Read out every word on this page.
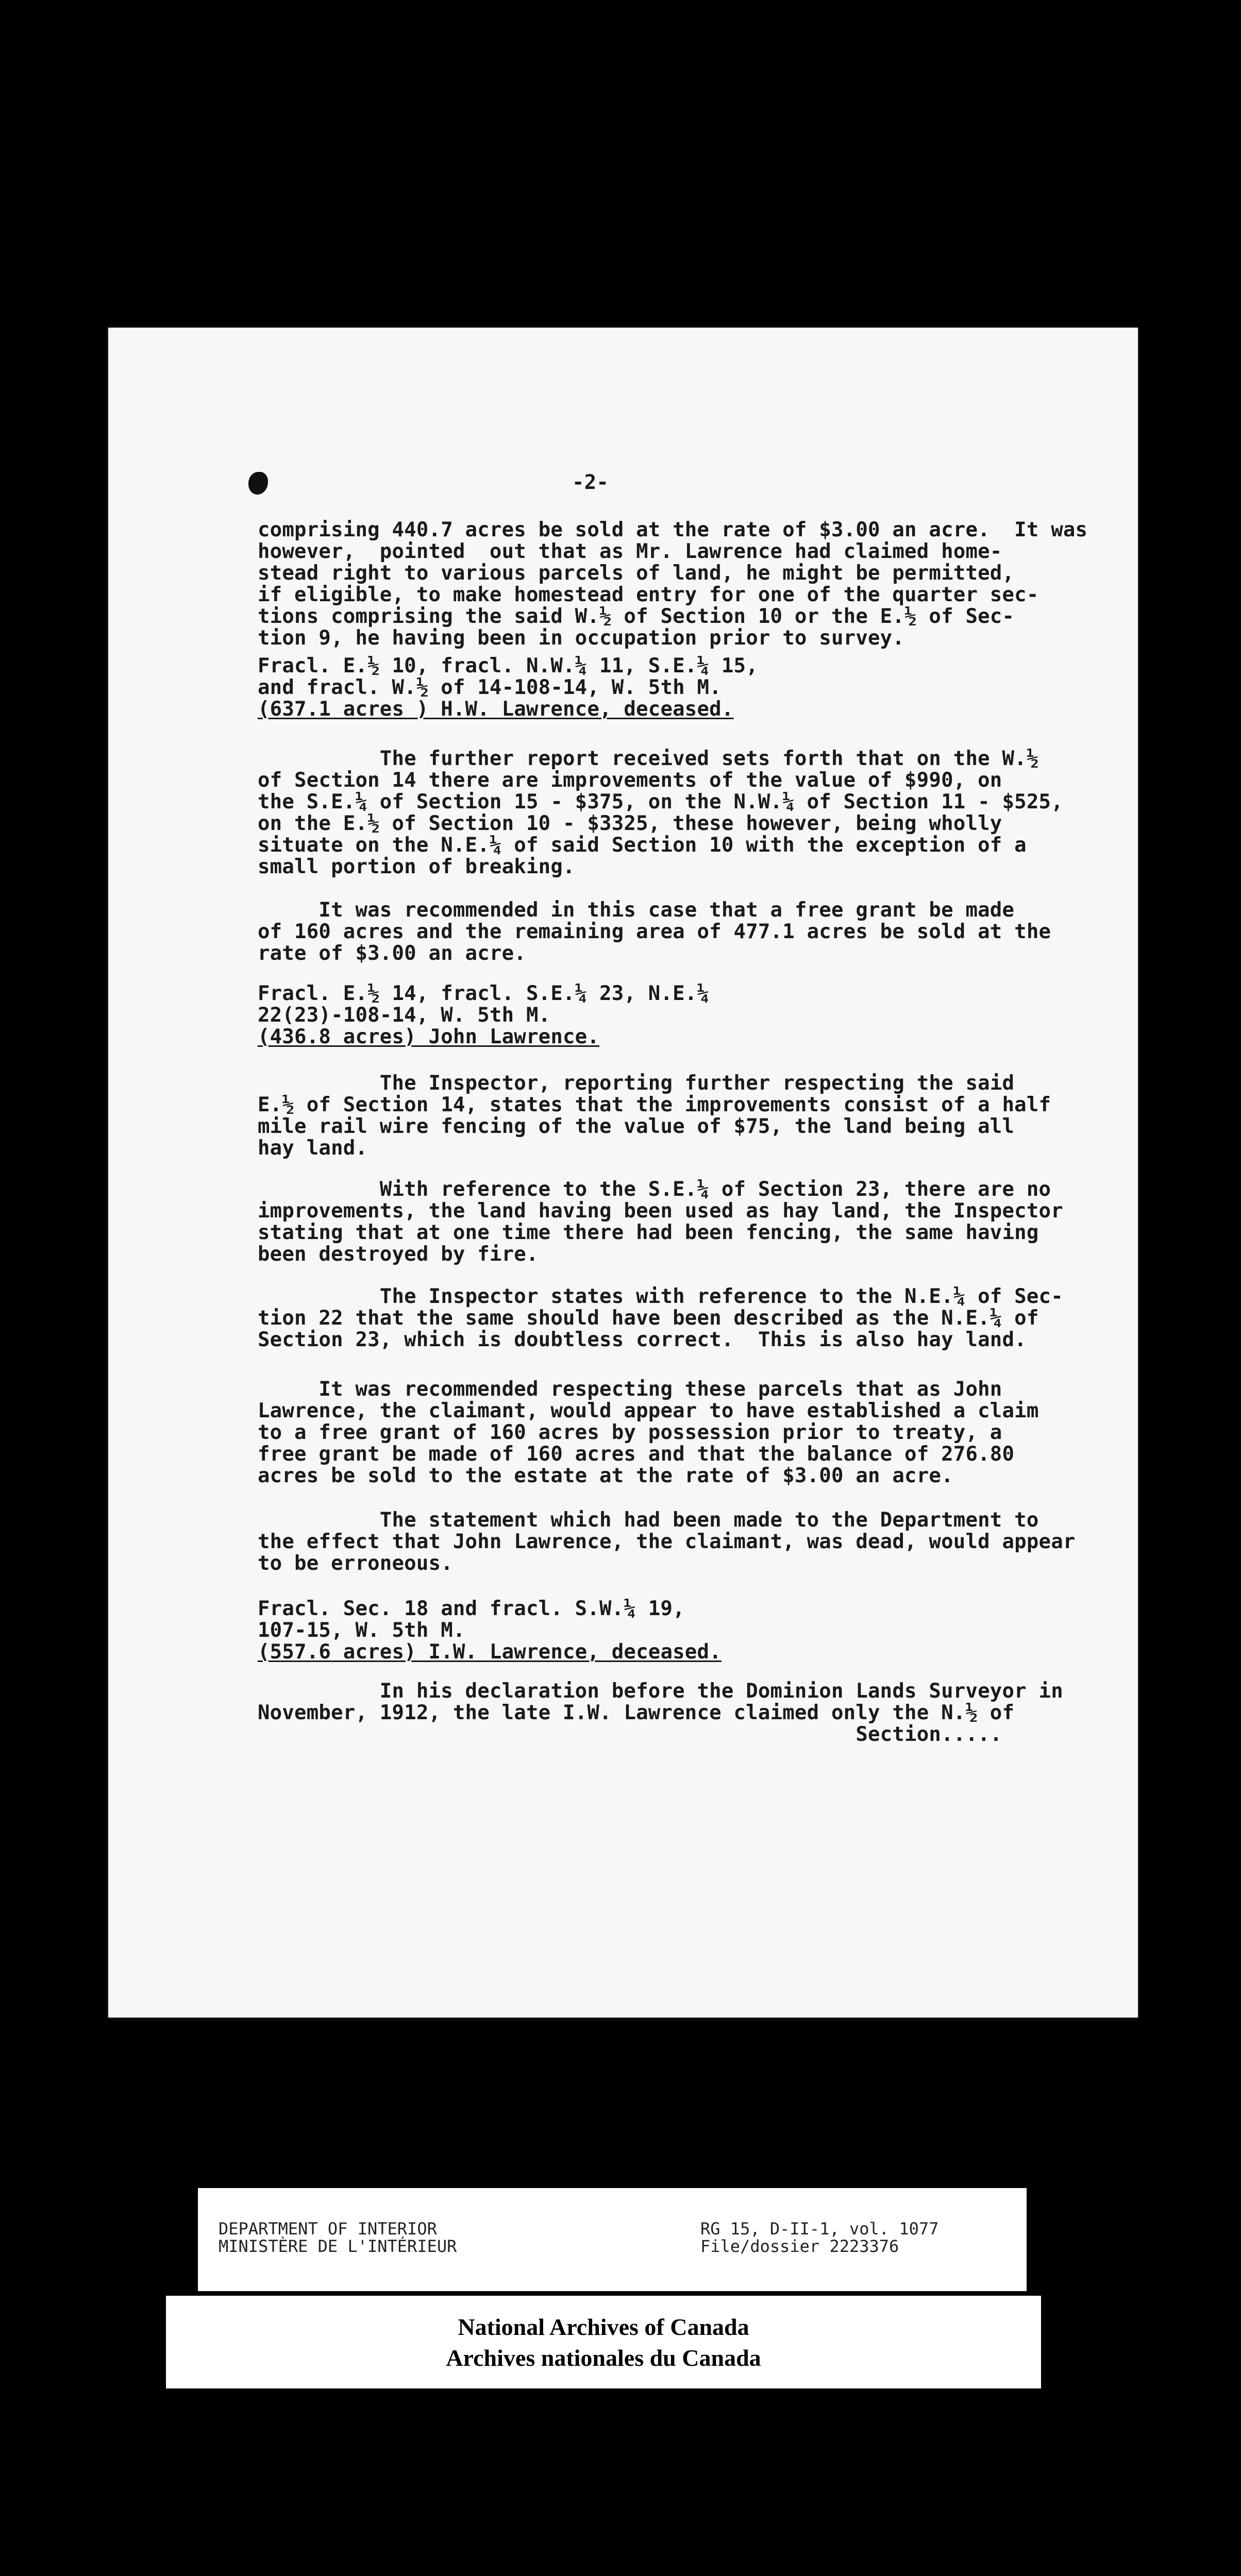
-2-
comprising 440.7 acres be sold at the rate of $3.00 an acre.  It was
however,  pointed  out that as Mr. Lawrence had claimed home-
stead right to various parcels of land, he might be permitted,
if eligible, to make homestead entry for one of the quarter sec-
tions comprising the said W.½ of Section 10 or the E.½ of Sec-
tion 9, he having been in occupation prior to survey.
Fracl. E.½ 10, fracl. N.W.¼ 11, S.E.¼ 15,
and fracl. W.½ of 14-108-14, W. 5th M.
(637.1 acres ) H.W. Lawrence, deceased.
The further report received sets forth that on the W.½
of Section 14 there are improvements of the value of $990, on
the S.E.¼ of Section 15 - $375, on the N.W.¼ of Section 11 - $525,
on the E.½ of Section 10 - $3325, these however, being wholly
situate on the N.E.¼ of said Section 10 with the exception of a
small portion of breaking.
It was recommended in this case that a free grant be made
of 160 acres and the remaining area of 477.1 acres be sold at the
rate of $3.00 an acre.
Fracl. E.½ 14, fracl. S.E.¼ 23, N.E.¼
22(23)-108-14, W. 5th M.
(436.8 acres) John Lawrence.
The Inspector, reporting further respecting the said
E.½ of Section 14, states that the improvements consist of a half
mile rail wire fencing of the value of $75, the land being all
hay land.
With reference to the S.E.¼ of Section 23, there are no
improvements, the land having been used as hay land, the Inspector
stating that at one time there had been fencing, the same having
been destroyed by fire.
The Inspector states with reference to the N.E.¼ of Sec-
tion 22 that the same should have been described as the N.E.¼ of
Section 23, which is doubtless correct.  This is also hay land.
It was recommended respecting these parcels that as John
Lawrence, the claimant, would appear to have established a claim
to a free grant of 160 acres by possession prior to treaty, a
free grant be made of 160 acres and that the balance of 276.80
acres be sold to the estate at the rate of $3.00 an acre.
The statement which had been made to the Department to
the effect that John Lawrence, the claimant, was dead, would appear
to be erroneous.
Fracl. Sec. 18 and fracl. S.W.¼ 19,
107-15, W. 5th M.
(557.6 acres) I.W. Lawrence, deceased.
In his declaration before the Dominion Lands Surveyor in
November, 1912, the late I.W. Lawrence claimed only the N.½ of
Section.....
DEPARTMENT OF INTERIOR
MINISTÈRE DE L'INTÉRIEUR
RG 15, D-II-1, vol. 1077
File/dossier 2223376
National Archives of Canada
Archives nationales du Canada
